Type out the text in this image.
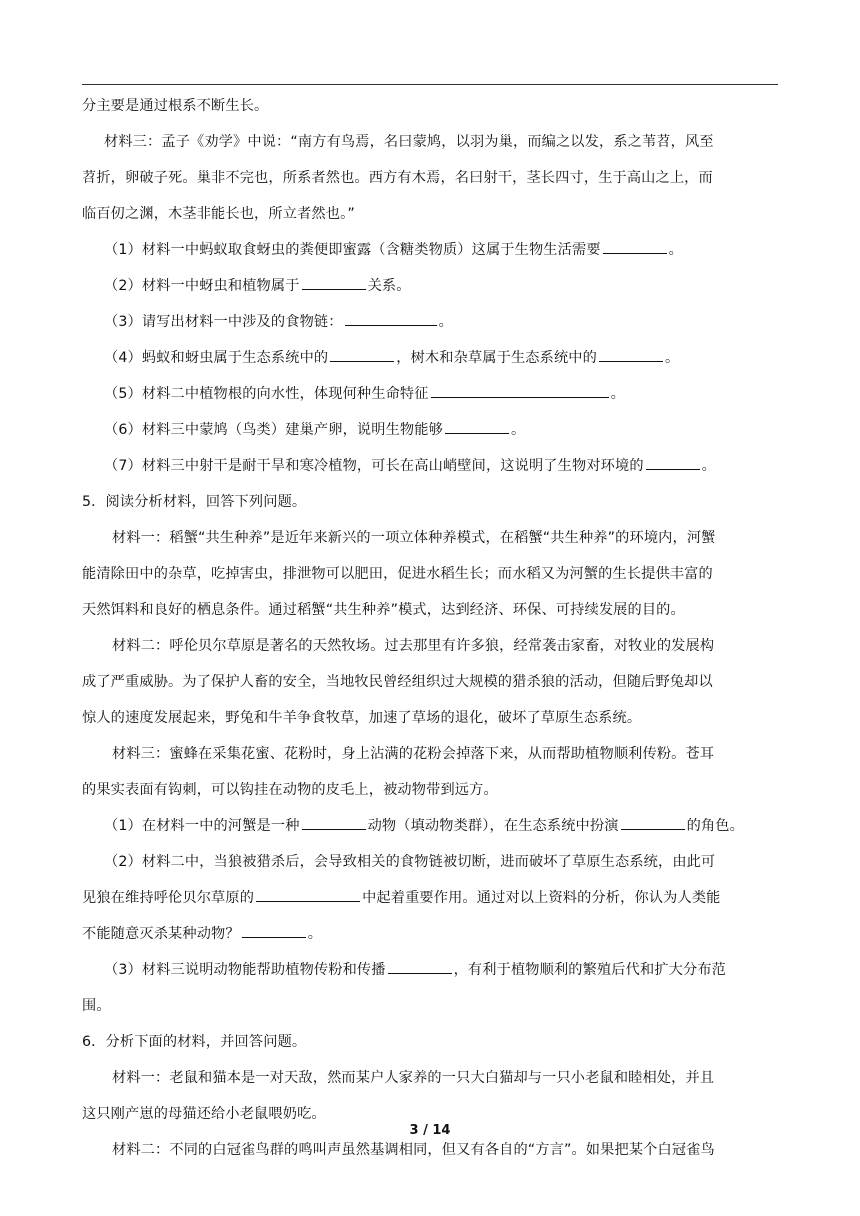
分主要是通过根系不断生长。
材料三：孟子《劝学》中说：“南方有鸟焉，名曰蒙鸠，以羽为巢，而编之以发，系之苇苕，风至
苕折，卵破子死。巢非不完也，所系者然也。西方有木焉，名曰射干，茎长四寸，生于高山之上，而
临百仞之渊，木茎非能长也，所立者然也。”
（1）材料一中蚂蚁取食蚜虫的粪便即蜜露（含糖类物质）这属于生物生活需要	。
（2）材料一中蚜虫和植物属于	关系。
（3）请写出材料一中涉及的食物链：	。
（4）蚂蚁和蚜虫属于生态系统中的	，树木和杂草属于生态系统中的	。
（5）材料二中植物根的向水性，体现何种生命特征	。
（6）材料三中蒙鸠（鸟类）建巢产卵，说明生物能够	。
（7）材料三中射干是耐干旱和寒冷植物，可长在高山峭壁间，这说明了生物对环境的	。
5．阅读分析材料，回答下列问题。
材料一：稻蟹“共生种养”是近年来新兴的一项立体种养模式，在稻蟹“共生种养”的环境内，河蟹
能清除田中的杂草，吃掉害虫，排泄物可以肥田，促进水稻生长；而水稻又为河蟹的生长提供丰富的
天然饵料和良好的栖息条件。通过稻蟹“共生种养”模式，达到经济、环保、可持续发展的目的。
材料二：呼伦贝尔草原是著名的天然牧场。过去那里有许多狼，经常袭击家畜，对牧业的发展构
成了严重威胁。为了保护人畜的安全，当地牧民曾经组织过大规模的猎杀狼的活动，但随后野兔却以
惊人的速度发展起来，野兔和牛羊争食牧草，加速了草场的退化，破坏了草原生态系统。
材料三：蜜蜂在采集花蜜、花粉时，身上沾满的花粉会掉落下来，从而帮助植物顺利传粉。苍耳
的果实表面有钩刺，可以钩挂在动物的皮毛上，被动物带到远方。
（1）在材料一中的河蟹是一种	动物（填动物类群），在生态系统中扮演	的角色。
（2）材料二中，当狼被猎杀后，会导致相关的食物链被切断，进而破坏了草原生态系统，由此可
见狼在维持呼伦贝尔草原的	中起着重要作用。通过对以上资料的分析，你认为人类能
不能随意灭杀某种动物？	。
（3）材料三说明动物能帮助植物传粉和传播	，有利于植物顺利的繁殖后代和扩大分布范
围。
6．分析下面的材料，并回答问题。
材料一：老鼠和猫本是一对天敌，然而某户人家养的一只大白猫却与一只小老鼠和睦相处，并且
这只刚产崽的母猫还给小老鼠喂奶吃。
材料二：不同的白冠雀鸟群的鸣叫声虽然基调相同，但又有各自的“方言”。如果把某个白冠雀鸟
3 / 14
